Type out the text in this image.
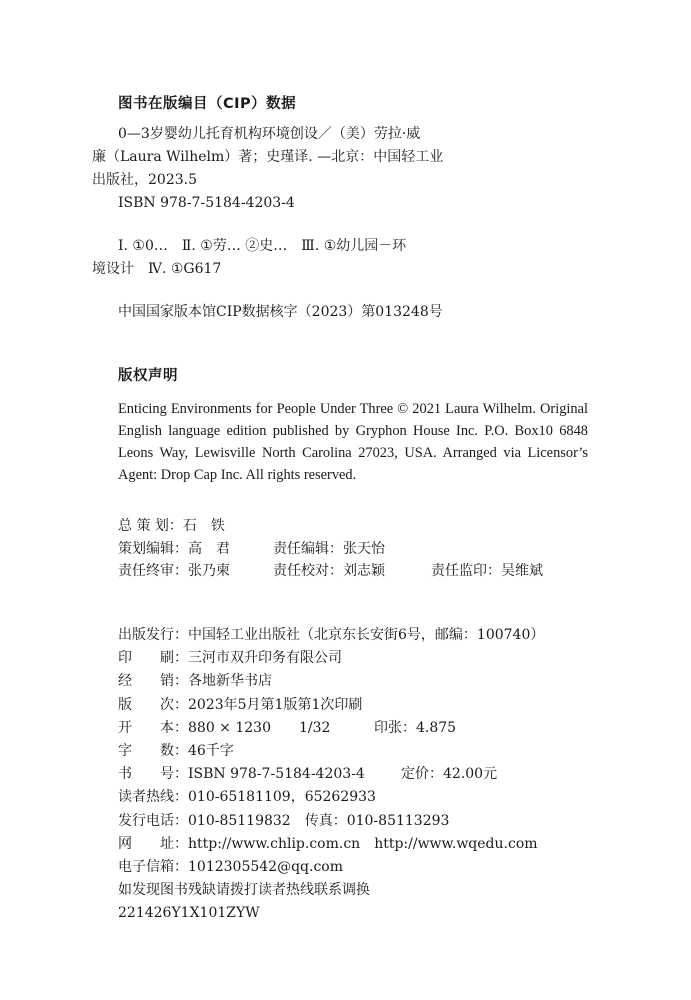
图书在版编目（CIP）数据
0—3岁婴幼儿托育机构环境创设／（美）劳拉·威
廉（Laura Wilhelm）著；史瑾译. —北京：中国轻工业
出版社，2023.5
ISBN 978-7-5184-4203-4
Ⅰ. ①0…　Ⅱ. ①劳… ②史…　Ⅲ. ①幼儿园－环
境设计　Ⅳ. ①G617
中国国家版本馆CIP数据核字（2023）第013248号
版权声明
Enticing Environments for People Under Three © 2021 Laura Wilhelm. Original English language edition published by Gryphon House Inc. P.O. Box10 6848 Leons Way, Lewisville North Carolina 27023, USA. Arranged via Licensor’s Agent: Drop Cap Inc. All rights reserved.
总 策 划：石　铁
策划编辑：高　君	责任编辑：张天怡
责任终审：张乃柬	责任校对：刘志颖	责任监印：吴维斌
出版发行：中国轻工业出版社（北京东长安街6号，邮编：100740）
印　　刷：三河市双升印务有限公司
经　　销：各地新华书店
版　　次：2023年5月第1版第1次印刷
开　　本：880 × 1230　　1/32	印张：4.875
字　　数：46千字
书　　号：ISBN 978-7-5184-4203-4	定价：42.00元
读者热线：010-65181109，65262933
发行电话：010-85119832　传真：010-85113293
网　　址：http://www.chlip.com.cn　http://www.wqedu.com
电子信箱：1012305542@qq.com
如发现图书残缺请拨打读者热线联系调换
221426Y1X101ZYW
